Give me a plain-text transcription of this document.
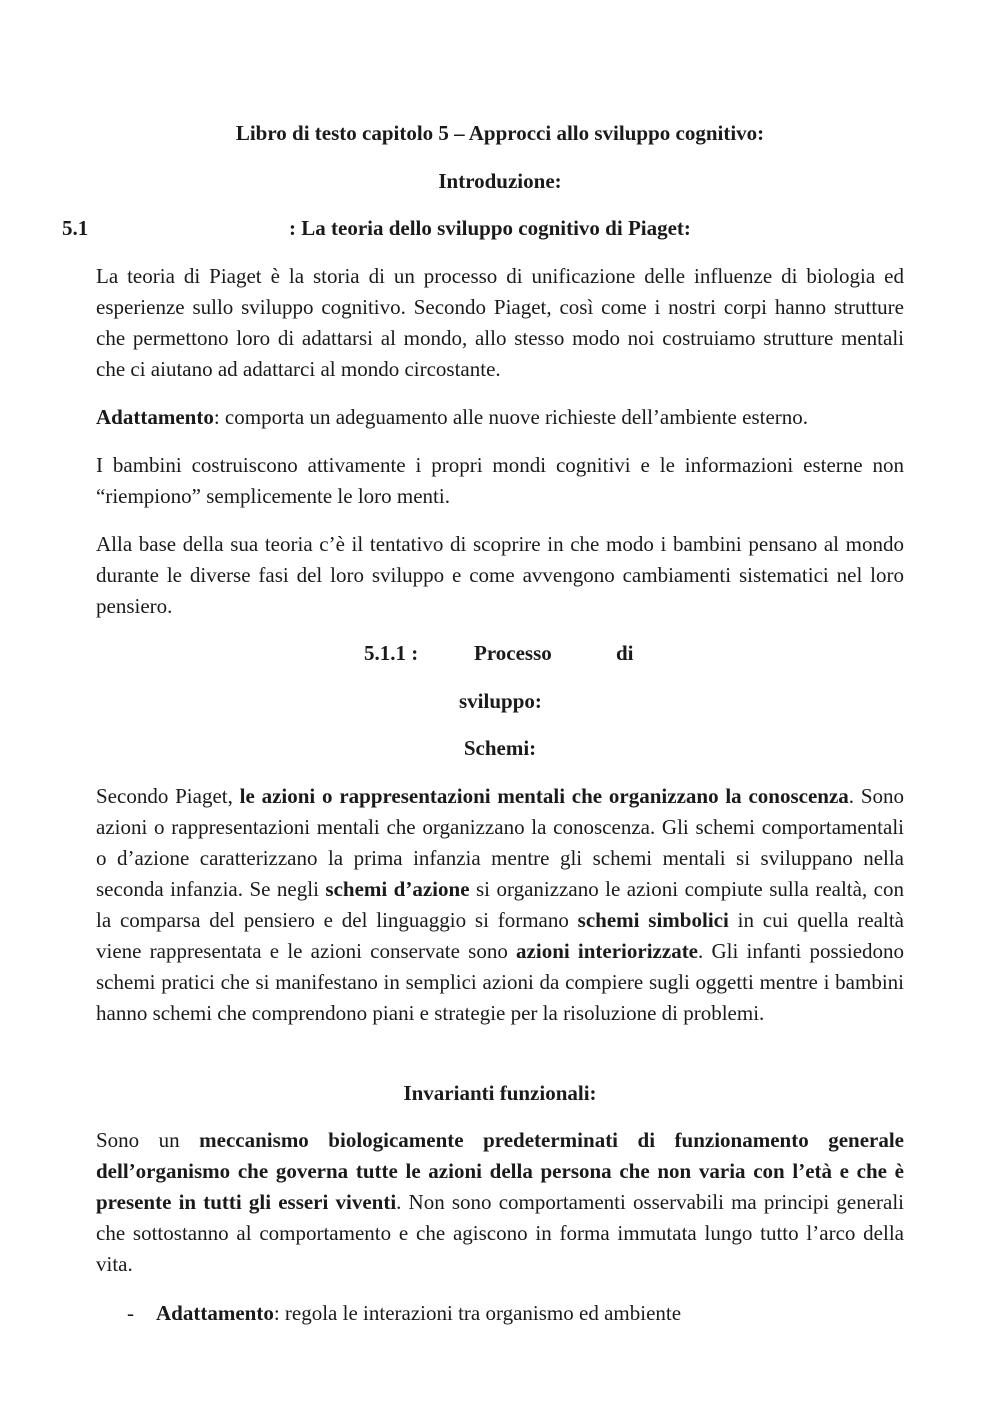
Libro di testo capitolo 5 – Approcci allo sviluppo cognitivo:
Introduzione:
5.1	: La teoria dello sviluppo cognitivo di Piaget:
La teoria di Piaget è la storia di un processo di unificazione delle influenze di biologia ed esperienze sullo sviluppo cognitivo. Secondo Piaget, così come i nostri corpi hanno strutture che permettono loro di adattarsi al mondo, allo stesso modo noi costruiamo strutture mentali che ci aiutano ad adattarci al mondo circostante.
Adattamento: comporta un adeguamento alle nuove richieste dell’ambiente esterno.
I bambini costruiscono attivamente i propri mondi cognitivi e le informazioni esterne non “riempiono” semplicemente le loro menti.
Alla base della sua teoria c’è il tentativo di scoprire in che modo i bambini pensano al mondo durante le diverse fasi del loro sviluppo e come avvengono cambiamenti sistematici nel loro pensiero.
5.1.1 :	Processo	di
sviluppo:
Schemi:
Secondo Piaget, le azioni o rappresentazioni mentali che organizzano la conoscenza. Sono azioni o rappresentazioni mentali che organizzano la conoscenza. Gli schemi comportamentali o d’azione caratterizzano la prima infanzia mentre gli schemi mentali si sviluppano nella seconda infanzia. Se negli schemi d’azione si organizzano le azioni compiute sulla realtà, con la comparsa del pensiero e del linguaggio si formano schemi simbolici in cui quella realtà viene rappresentata e le azioni conservate sono azioni interiorizzate. Gli infanti possiedono schemi pratici che si manifestano in semplici azioni da compiere sugli oggetti mentre i bambini hanno schemi che comprendono piani e strategie per la risoluzione di problemi.
Invarianti funzionali:
Sono un meccanismo biologicamente predeterminati di funzionamento generale dell’organismo che governa tutte le azioni della persona che non varia con l’età e che è presente in tutti gli esseri viventi. Non sono comportamenti osservabili ma principi generali che sottostanno al comportamento e che agiscono in forma immutata lungo tutto l’arco della vita.
- Adattamento: regola le interazioni tra organismo ed ambiente
